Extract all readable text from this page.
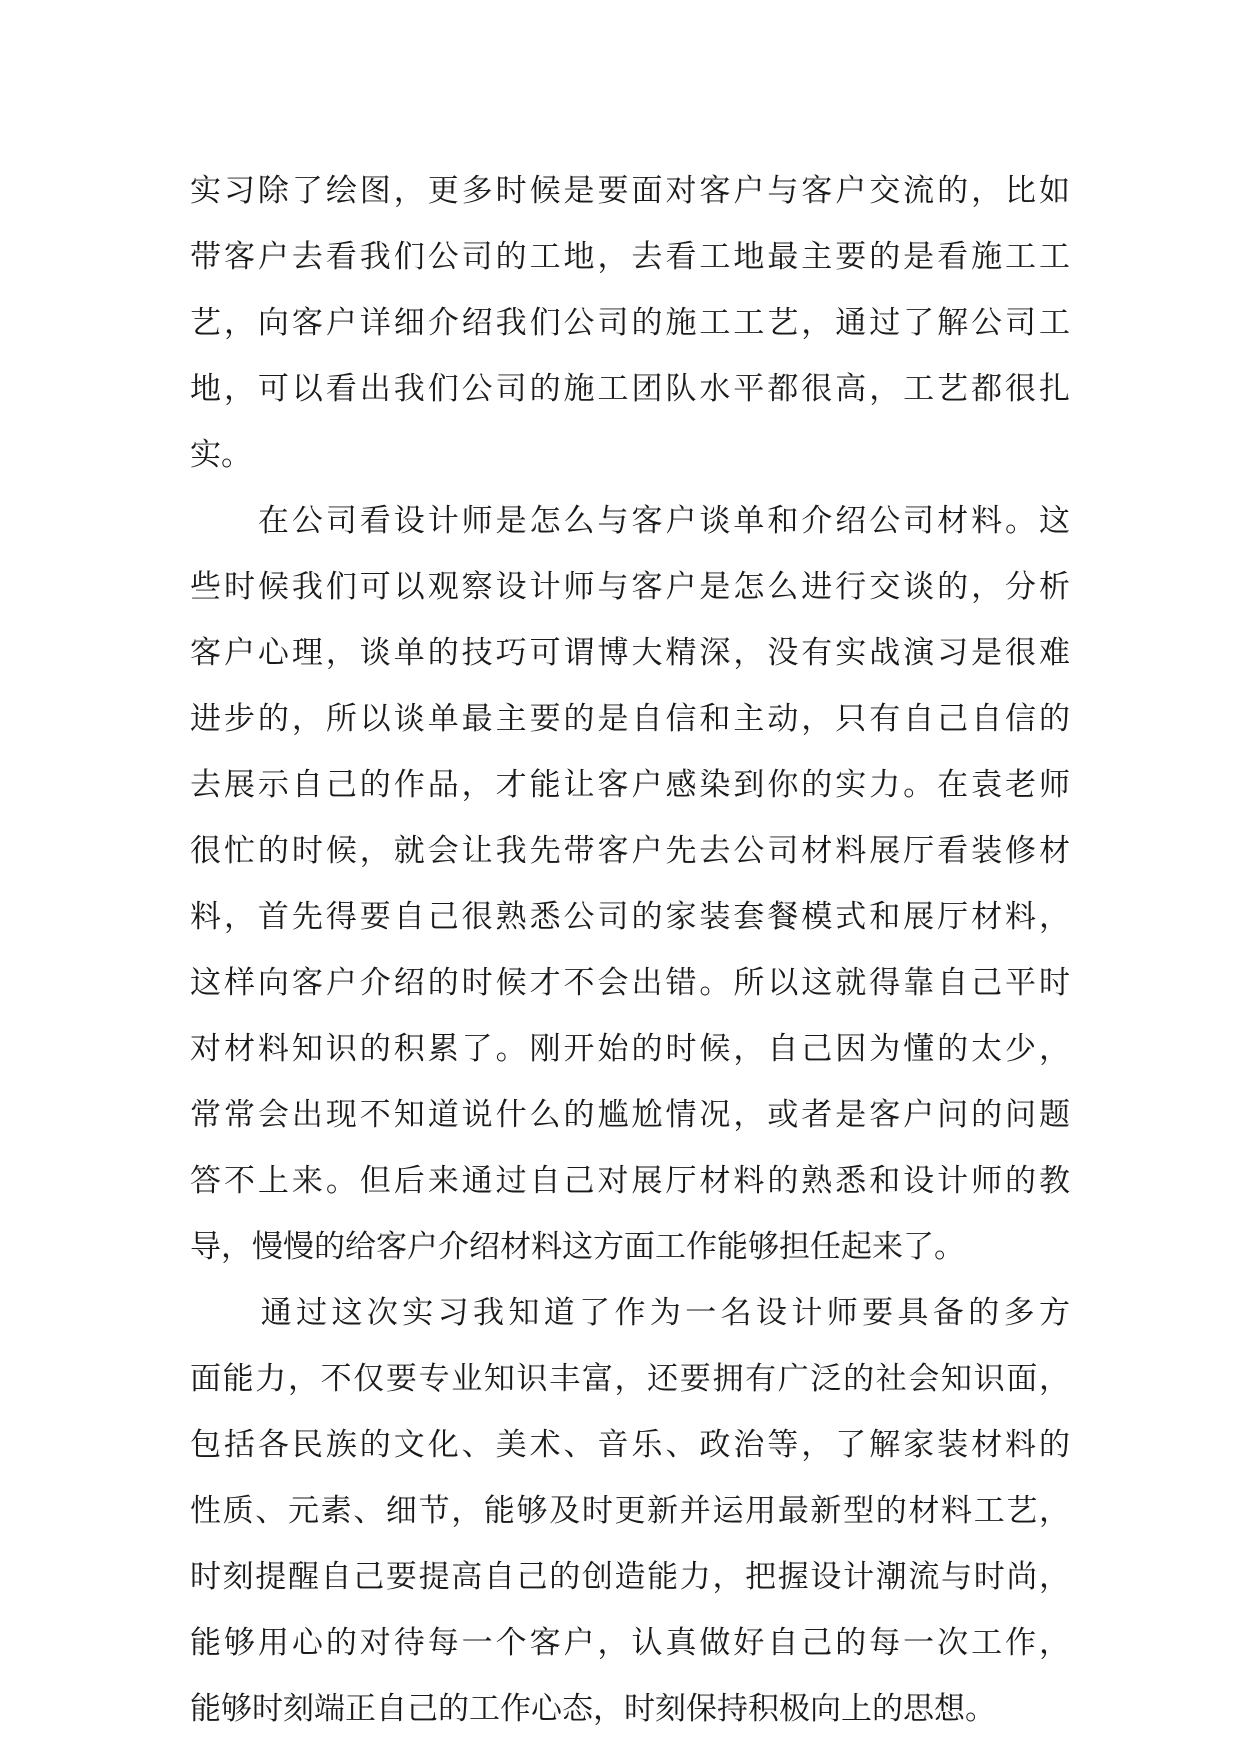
实习除了绘图，更多时候是要面对客户与客户交流的，比如
带客户去看我们公司的工地，去看工地最主要的是看施工工
艺，向客户详细介绍我们公司的施工工艺，通过了解公司工
地，可以看出我们公司的施工团队水平都很高，工艺都很扎
实。
　　在公司看设计师是怎么与客户谈单和介绍公司材料。这
些时候我们可以观察设计师与客户是怎么进行交谈的，分析
客户心理，谈单的技巧可谓博大精深，没有实战演习是很难
进步的，所以谈单最主要的是自信和主动，只有自己自信的
去展示自己的作品，才能让客户感染到你的实力。在袁老师
很忙的时候，就会让我先带客户先去公司材料展厅看装修材
料，首先得要自己很熟悉公司的家装套餐模式和展厅材料，
这样向客户介绍的时候才不会出错。所以这就得靠自己平时
对材料知识的积累了。刚开始的时候，自己因为懂的太少，
常常会出现不知道说什么的尴尬情况，或者是客户问的问题
答不上来。但后来通过自己对展厅材料的熟悉和设计师的教
导，慢慢的给客户介绍材料这方面工作能够担任起来了。
　　通过这次实习我知道了作为一名设计师要具备的多方
面能力，不仅要专业知识丰富，还要拥有广泛的社会知识面，
包括各民族的文化、美术、音乐、政治等，了解家装材料的
性质、元素、细节，能够及时更新并运用最新型的材料工艺，
时刻提醒自己要提高自己的创造能力，把握设计潮流与时尚，
能够用心的对待每一个客户，认真做好自己的每一次工作，
能够时刻端正自己的工作心态，时刻保持积极向上的思想。
